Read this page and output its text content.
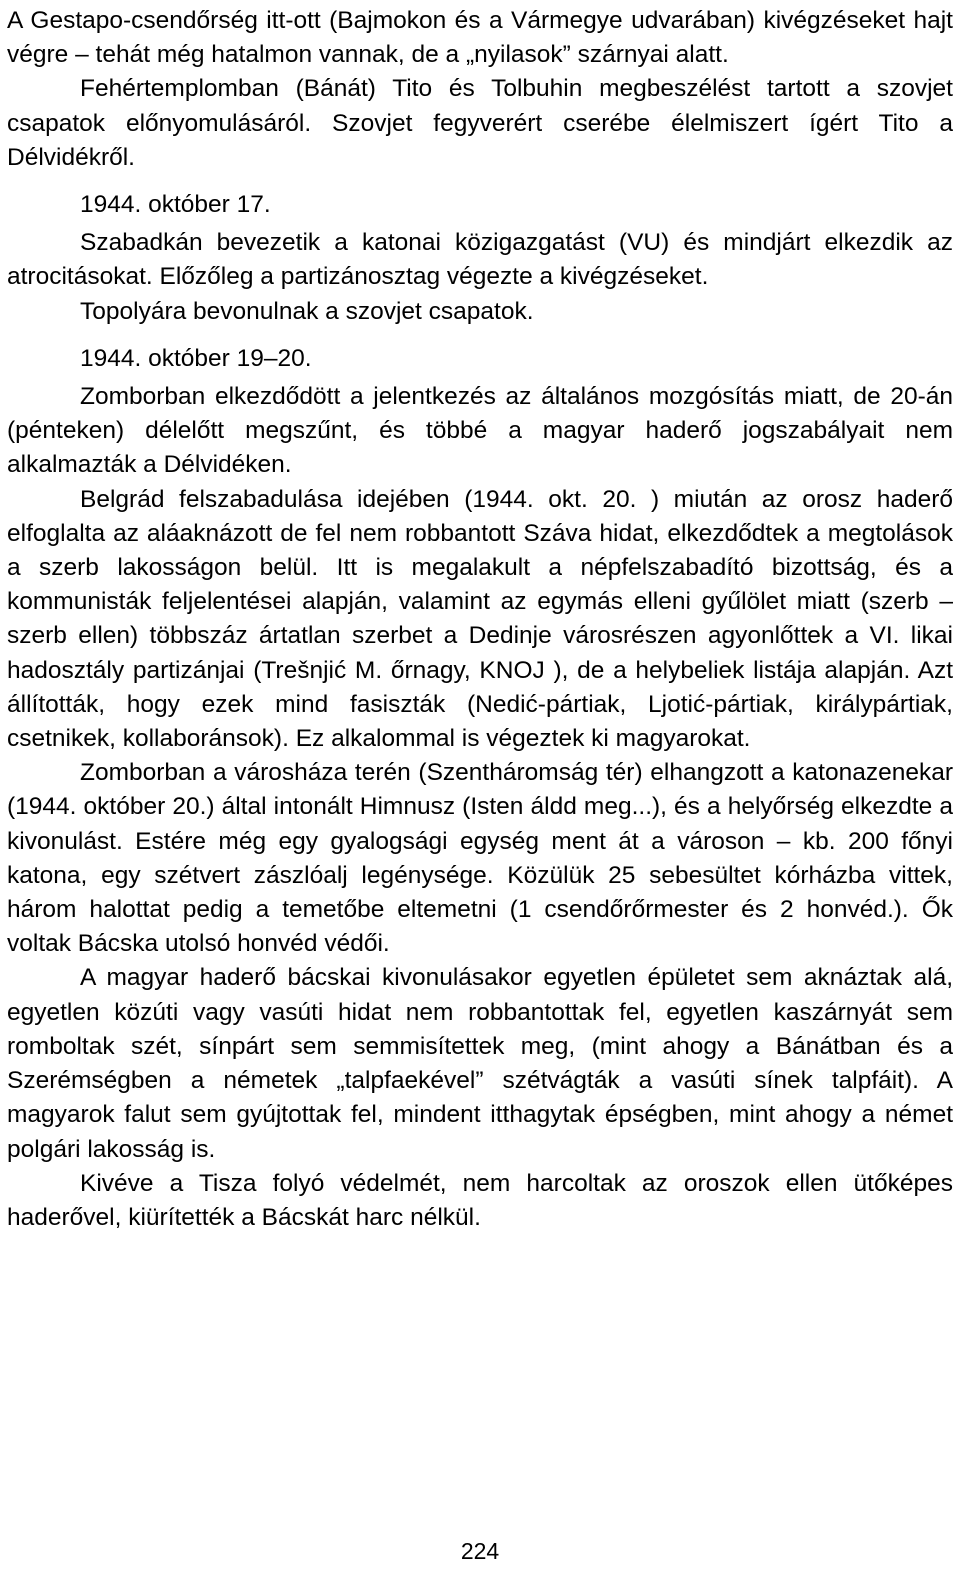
A Gestapo-csendőrség itt-ott (Bajmokon és a Vármegye udvarában) kivégzéseket hajt végre – tehát még hatalmon vannak, de a „nyilasok” szárnyai alatt.

Fehértemplomban (Bánát) Tito és Tolbuhin megbeszélést tartott a szovjet csapatok előnyomulásáról. Szovjet fegyverért cserébe élelmiszert ígért Tito a Délvidékről.

1944. október 17.

Szabadkán bevezetik a katonai közigazgatást (VU) és mindjárt elkezdik az atrocitásokat. Előzőleg a partizánosztag végezte a kivégzéseket.

Topolyára bevonulnak a szovjet csapatok.

1944. október 19–20.

Zomborban elkezdődött a jelentkezés az általános mozgósítás miatt, de 20-án (pénteken) délelőtt megszűnt, és többé a magyar haderő jogszabályait nem alkalmazták a Délvidéken.

Belgrád felszabadulása idejében (1944. okt. 20. ) miután az orosz haderő elfoglalta az aláaknázott de fel nem robbantott Száva hidat, elkezdődtek a megtolások a szerb lakosságon belül. Itt is megalakult a népfelszabadító bizottság, és a kommunisták feljelentései alapján, valamint az egymás elleni gyűlölet miatt (szerb – szerb ellen) többszáz ártatlan szerbet a Dedinje városrészen agyonlőttek a VI. likai hadosztály partizánjai (Trešnjić M. őrnagy, KNOJ ), de a helybeliek listája alapján. Azt állították, hogy ezek mind fasiszták (Nedić-pártiak, Ljotić-pártiak, királypártiak, csetnikek, kollaboránsok). Ez alkalommal is végeztek ki magyarokat.

Zomborban a városháza terén (Szentháromság tér) elhangzott a katonazenekar (1944. október 20.) által intonált Himnusz (Isten áldd meg...), és a helyőrség elkezdte a kivonulást. Estére még egy gyalogsági egység ment át a városon – kb. 200 főnyi katona, egy szétvert zászlóalj legénysége. Közülük 25 sebesültet kórházba vittek, három halottat pedig a temetőbe eltemetni (1 csendőrőrmester és 2 honvéd.). Ők voltak Bácska utolsó honvéd védői.

A magyar haderő bácskai kivonulásakor egyetlen épületet sem aknáztak alá, egyetlen közúti vagy vasúti hidat nem robbantottak fel, egyetlen kaszárnyát sem romboltak szét, sínpárt sem semmisítettek meg, (mint ahogy a Bánátban és a Szerémségben a németek „talpfaekével” szétvágták a vasúti sínek talpfáit). A magyarok falut sem gyújtottak fel, mindent itthagytak épségben, mint ahogy a német polgári lakosság is.

Kivéve a Tisza folyó védelmét, nem harcoltak az oroszok ellen ütőképes haderővel, kiürítették a Bácskát harc nélkül.

224
